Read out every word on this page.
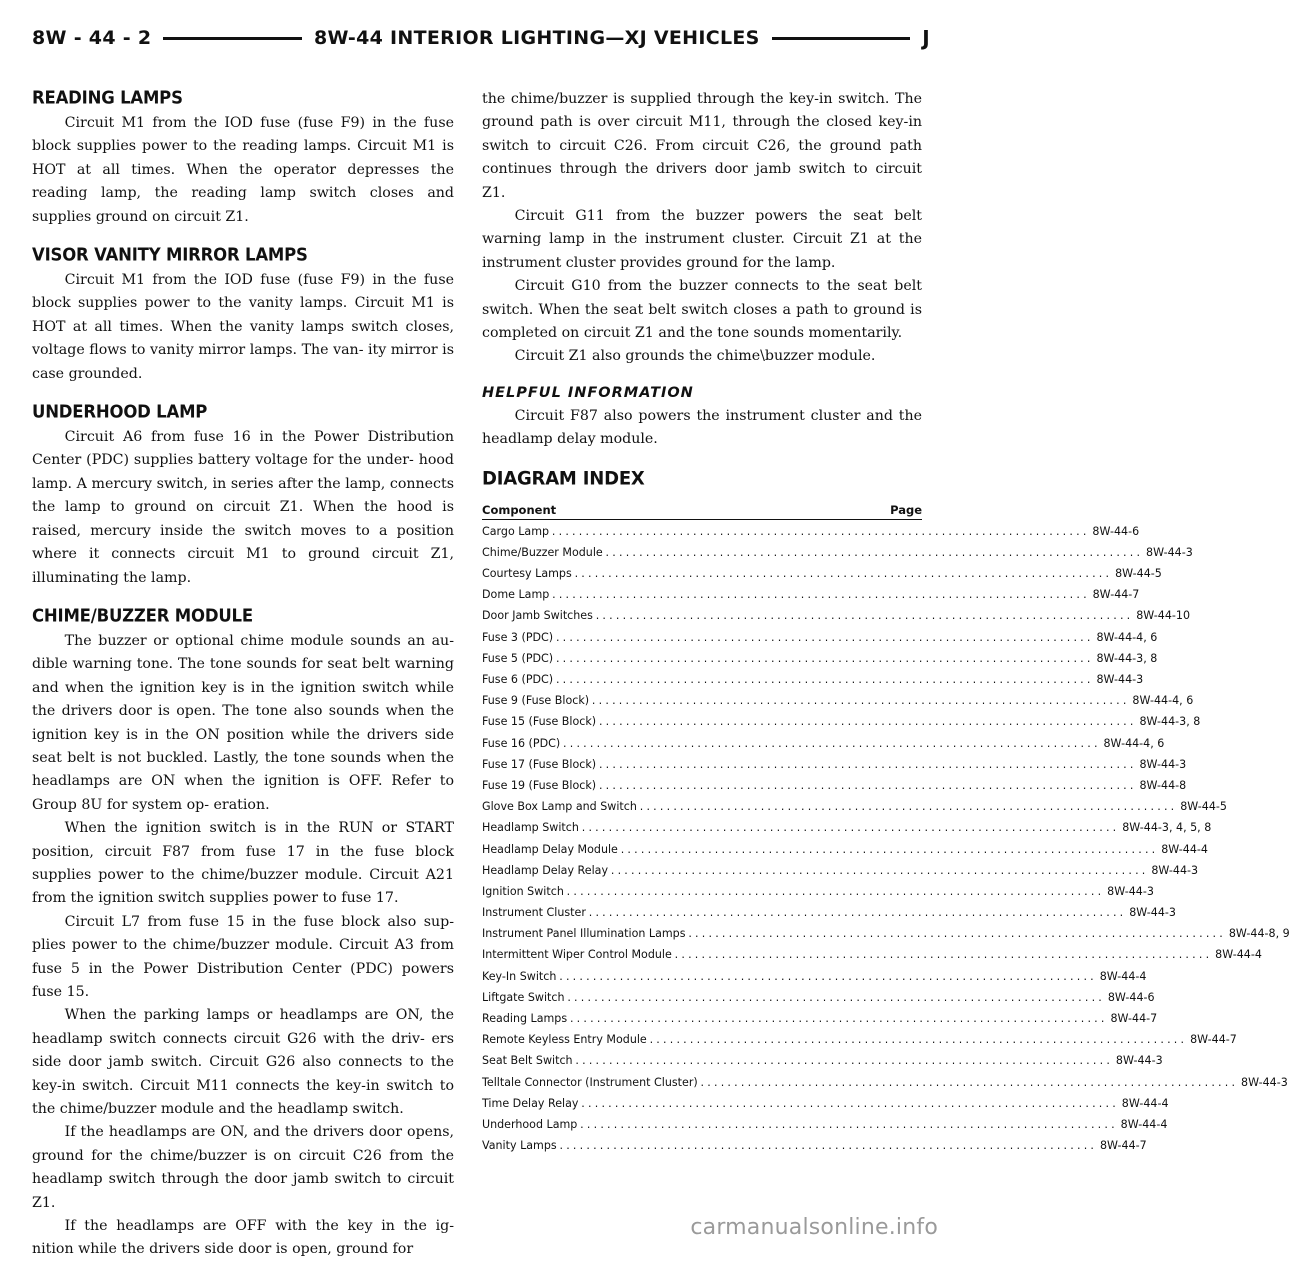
8W - 44 - 2	8W-44 INTERIOR LIGHTING—XJ VEHICLES	J
READING LAMPS

Circuit M1 from the IOD fuse (fuse F9) in the fuse block supplies power to the reading lamps. Circuit M1 is HOT at all times. When the operator depresses the reading lamp, the reading lamp switch closes and supplies ground on circuit Z1.

VISOR VANITY MIRROR LAMPS

Circuit M1 from the IOD fuse (fuse F9) in the fuse block supplies power to the vanity lamps. Circuit M1 is HOT at all times. When the vanity lamps switch closes, voltage flows to vanity mirror lamps. The van- ity mirror is case grounded.

UNDERHOOD LAMP

Circuit A6 from fuse 16 in the Power Distribution Center (PDC) supplies battery voltage for the under- hood lamp. A mercury switch, in series after the lamp, connects the lamp to ground on circuit Z1. When the hood is raised, mercury inside the switch moves to a position where it connects circuit M1 to ground circuit Z1, illuminating the lamp.

CHIME/BUZZER MODULE

The buzzer or optional chime module sounds an au- dible warning tone. The tone sounds for seat belt warning and when the ignition key is in the ignition switch while the drivers door is open. The tone also sounds when the ignition key is in the ON position while the drivers side seat belt is not buckled. Lastly, the tone sounds when the headlamps are ON when the ignition is OFF. Refer to Group 8U for system op- eration.

When the ignition switch is in the RUN or START position, circuit F87 from fuse 17 in the fuse block supplies power to the chime/buzzer module. Circuit A21 from the ignition switch supplies power to fuse 17.

Circuit L7 from fuse 15 in the fuse block also sup- plies power to the chime/buzzer module. Circuit A3 from fuse 5 in the Power Distribution Center (PDC) powers fuse 15.

When the parking lamps or headlamps are ON, the headlamp switch connects circuit G26 with the driv- ers side door jamb switch. Circuit G26 also connects to the key-in switch. Circuit M11 connects the key-in switch to the chime/buzzer module and the headlamp switch.

If the headlamps are ON, and the drivers door opens, ground for the chime/buzzer is on circuit C26 from the headlamp switch through the door jamb switch to circuit Z1.

If the headlamps are OFF with the key in the ig- nition while the drivers side door is open, ground for

the chime/buzzer is supplied through the key-in switch. The ground path is over circuit M11, through the closed key-in switch to circuit C26. From circuit C26, the ground path continues through the drivers door jamb switch to circuit Z1.

Circuit G11 from the buzzer powers the seat belt warning lamp in the instrument cluster. Circuit Z1 at the instrument cluster provides ground for the lamp.

Circuit G10 from the buzzer connects to the seat belt switch. When the seat belt switch closes a path to ground is completed on circuit Z1 and the tone sounds momentarily.

Circuit Z1 also grounds the chime\buzzer module.

HELPFUL INFORMATION

Circuit F87 also powers the instrument cluster and the headlamp delay module.

DIAGRAM INDEX
Component	Page
Cargo Lamp ................................................................................ 8W-44-6
Chime/Buzzer Module ................................................................................ 8W-44-3
Courtesy Lamps ................................................................................ 8W-44-5
Dome Lamp ................................................................................ 8W-44-7
Door Jamb Switches ................................................................................ 8W-44-10
Fuse 3 (PDC) ................................................................................ 8W-44-4, 6
Fuse 5 (PDC) ................................................................................ 8W-44-3, 8
Fuse 6 (PDC) ................................................................................ 8W-44-3
Fuse 9 (Fuse Block) ................................................................................ 8W-44-4, 6
Fuse 15 (Fuse Block) ................................................................................ 8W-44-3, 8
Fuse 16 (PDC) ................................................................................ 8W-44-4, 6
Fuse 17 (Fuse Block) ................................................................................ 8W-44-3
Fuse 19 (Fuse Block) ................................................................................ 8W-44-8
Glove Box Lamp and Switch ................................................................................ 8W-44-5
Headlamp Switch ................................................................................ 8W-44-3, 4, 5, 8
Headlamp Delay Module ................................................................................ 8W-44-4
Headlamp Delay Relay ................................................................................ 8W-44-3
Ignition Switch ................................................................................ 8W-44-3
Instrument Cluster ................................................................................ 8W-44-3
Instrument Panel Illumination Lamps ................................................................................ 8W-44-8, 9
Intermittent Wiper Control Module ................................................................................ 8W-44-4
Key-In Switch ................................................................................ 8W-44-4
Liftgate Switch ................................................................................ 8W-44-6
Reading Lamps ................................................................................ 8W-44-7
Remote Keyless Entry Module ................................................................................ 8W-44-7
Seat Belt Switch ................................................................................ 8W-44-3
Telltale Connector (Instrument Cluster) ................................................................................ 8W-44-3
Time Delay Relay ................................................................................ 8W-44-4
Underhood Lamp ................................................................................ 8W-44-4
Vanity Lamps ................................................................................ 8W-44-7
carmanualsonline.info
